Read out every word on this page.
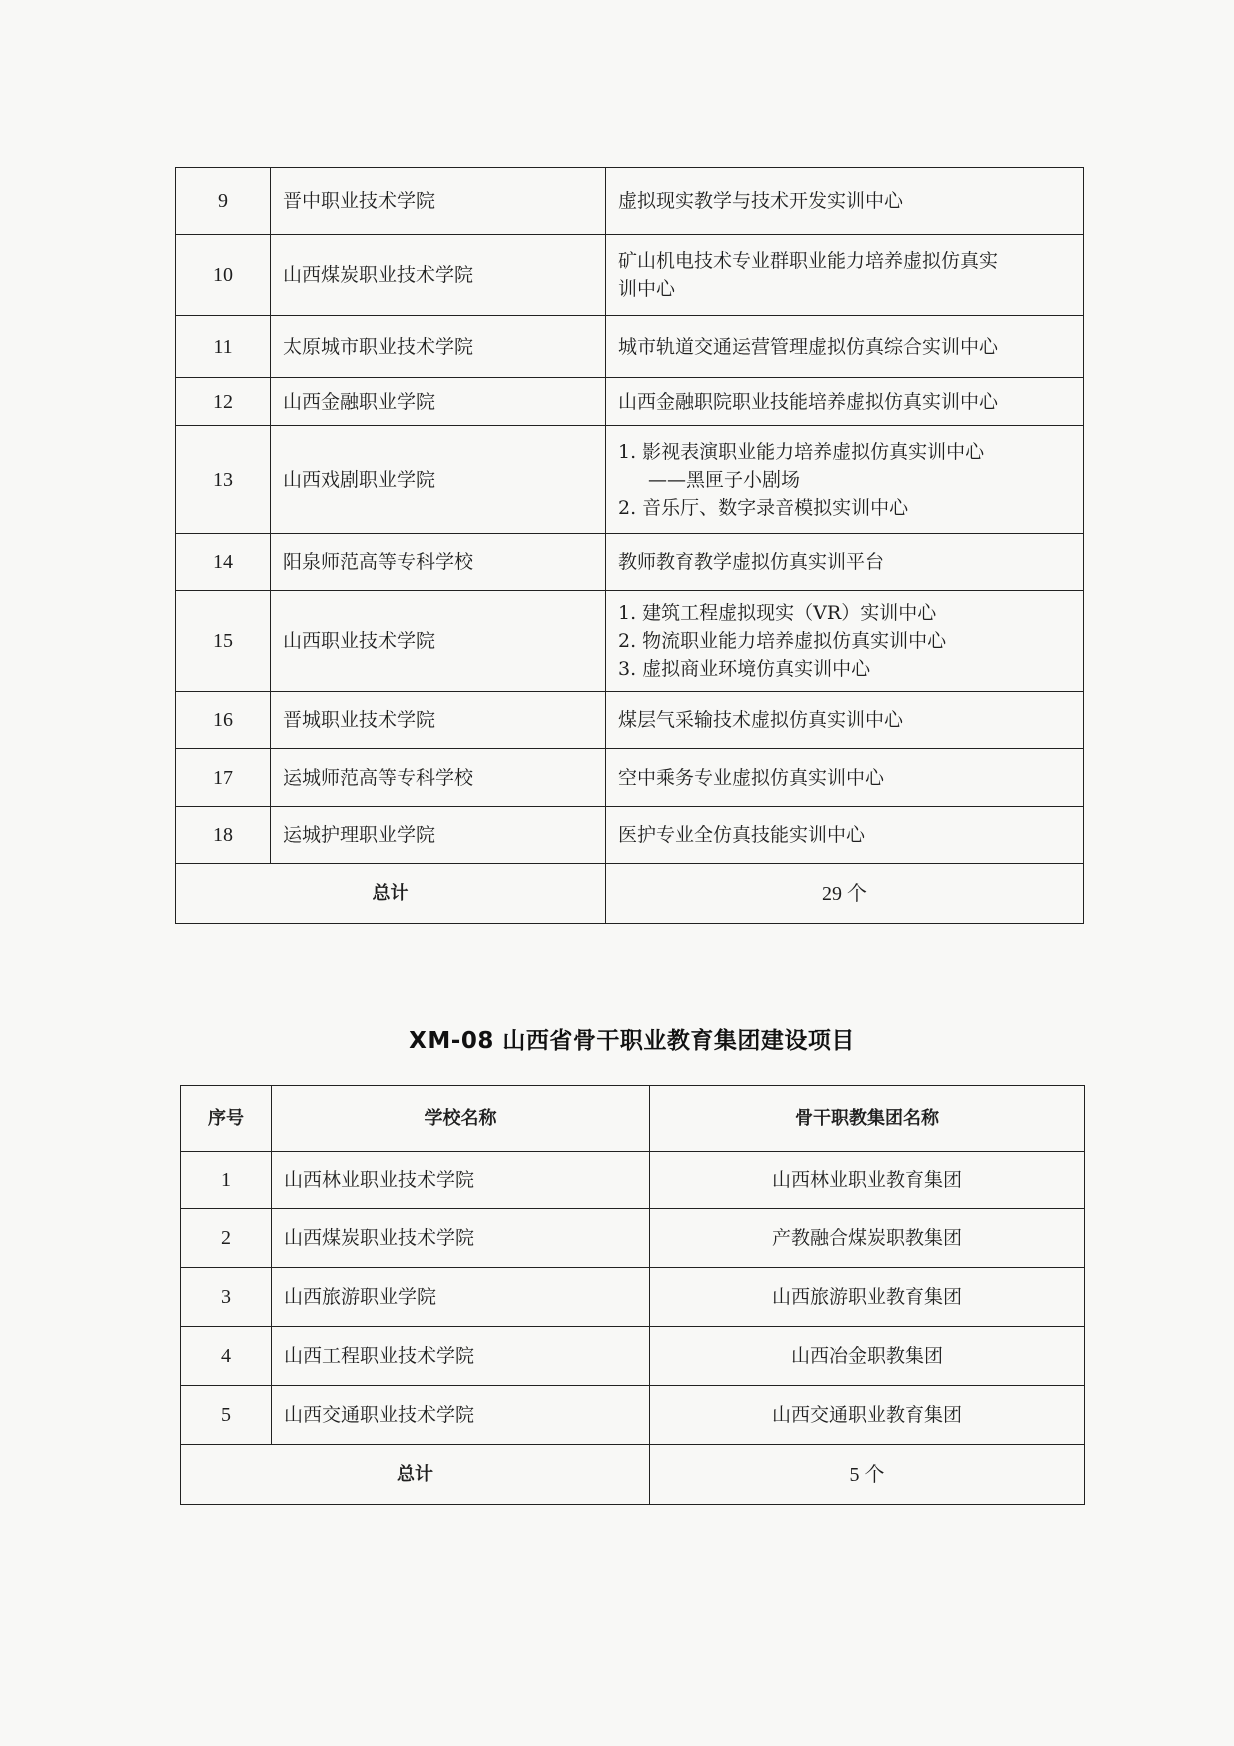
9	晋中职业技术学院	虚拟现实教学与技术开发实训中心

10	山西煤炭职业技术学院	矿山机电技术专业群职业能力培养虚拟仿真实
训中心

11	太原城市职业技术学院	城市轨道交通运营管理虚拟仿真综合实训中心

12	山西金融职业学院	山西金融职院职业技能培养虚拟仿真实训中心

13	山西戏剧职业学院	1. 影视表演职业能力培养虚拟仿真实训中心
——黑匣子小剧场
2. 音乐厅、数字录音模拟实训中心

14	阳泉师范高等专科学校	教师教育教学虚拟仿真实训平台

15	山西职业技术学院	1. 建筑工程虚拟现实（VR）实训中心
2. 物流职业能力培养虚拟仿真实训中心
3. 虚拟商业环境仿真实训中心

16	晋城职业技术学院	煤层气采输技术虚拟仿真实训中心

17	运城师范高等专科学校	空中乘务专业虚拟仿真实训中心

18	运城护理职业学院	医护专业全仿真技能实训中心

总计		29 个
XM-08 山西省骨干职业教育集团建设项目
序号	学校名称	骨干职教集团名称
1	山西林业职业技术学院	山西林业职业教育集团
2	山西煤炭职业技术学院	产教融合煤炭职教集团
3	山西旅游职业学院	山西旅游职业教育集团
4	山西工程职业技术学院	山西冶金职教集团
5	山西交通职业技术学院	山西交通职业教育集团
总计		5 个
